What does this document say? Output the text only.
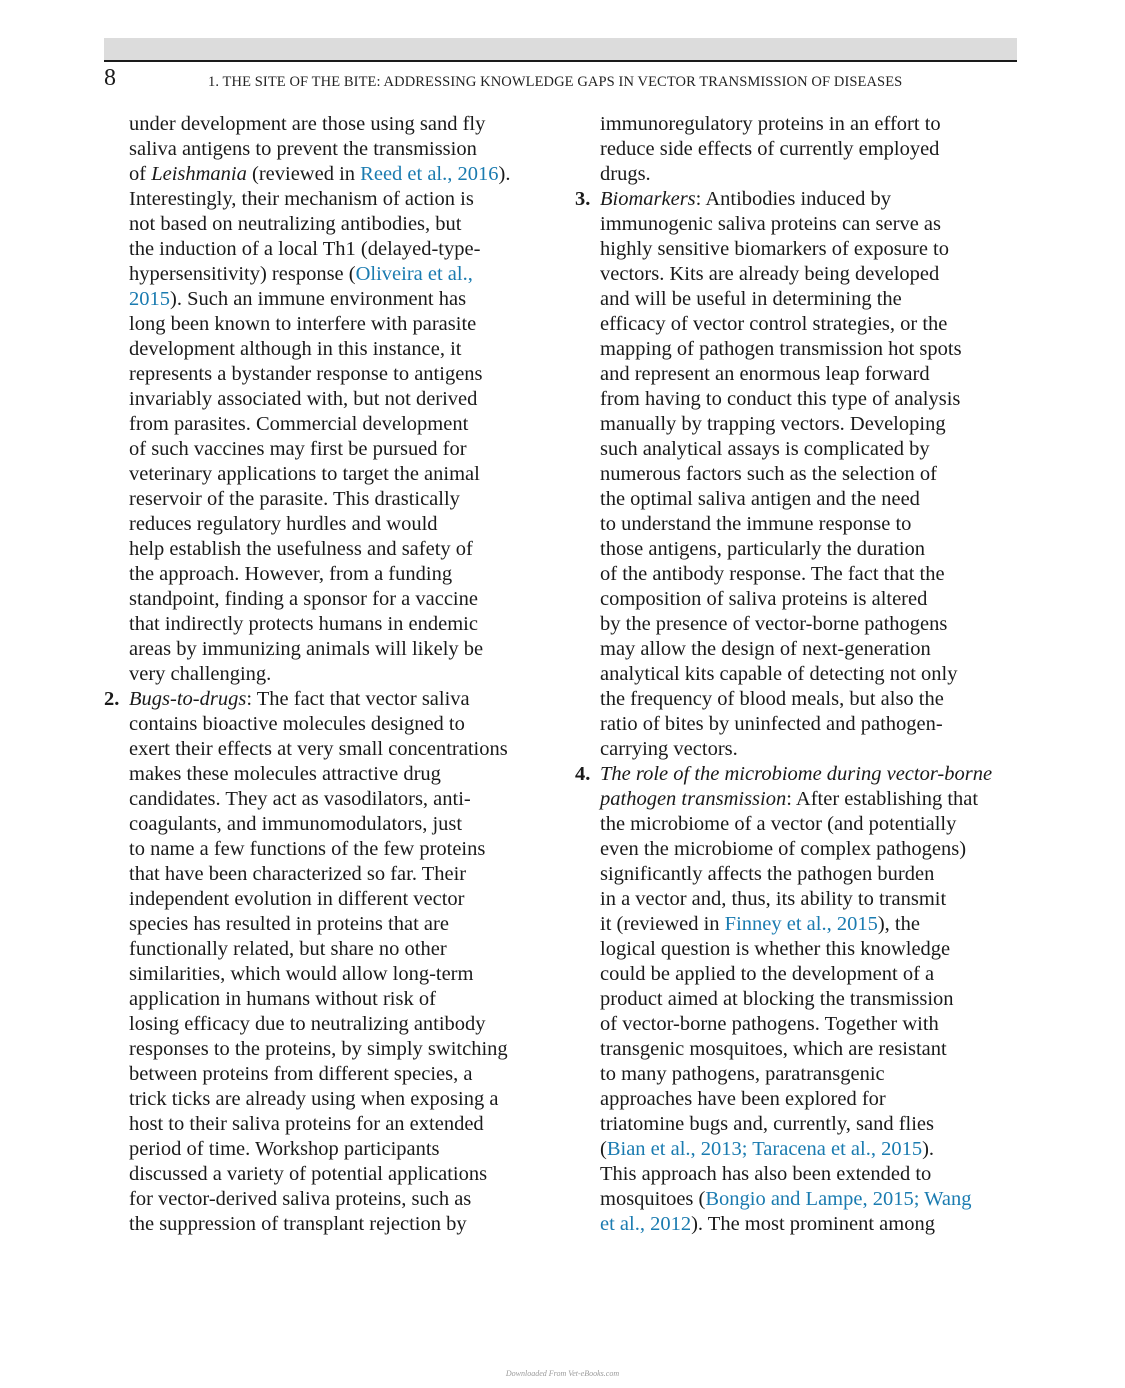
8	1. THE SITE OF THE BITE: ADDRESSING KNOWLEDGE GAPS IN VECTOR TRANSMISSION OF DISEASES
under development are those using sand fly
saliva antigens to prevent the transmission
of Leishmania (reviewed in Reed et al., 2016).
Interestingly, their mechanism of action is
not based on neutralizing antibodies, but
the induction of a local Th1 (delayed-type-
hypersensitivity) response (Oliveira et al.,
2015). Such an immune environment has
long been known to interfere with parasite
development although in this instance, it
represents a bystander response to antigens
invariably associated with, but not derived
from parasites. Commercial development
of such vaccines may first be pursued for
veterinary applications to target the animal
reservoir of the parasite. This drastically
reduces regulatory hurdles and would
help establish the usefulness and safety of
the approach. However, from a funding
standpoint, finding a sponsor for a vaccine
that indirectly protects humans in endemic
areas by immunizing animals will likely be
very challenging.
2. Bugs-to-drugs: The fact that vector saliva
contains bioactive molecules designed to
exert their effects at very small concentrations
makes these molecules attractive drug
candidates. They act as vasodilators, anti-
coagulants, and immunomodulators, just
to name a few functions of the few proteins
that have been characterized so far. Their
independent evolution in different vector
species has resulted in proteins that are
functionally related, but share no other
similarities, which would allow long-term
application in humans without risk of
losing efficacy due to neutralizing antibody
responses to the proteins, by simply switching
between proteins from different species, a
trick ticks are already using when exposing a
host to their saliva proteins for an extended
period of time. Workshop participants
discussed a variety of potential applications
for vector-derived saliva proteins, such as
the suppression of transplant rejection by
immunoregulatory proteins in an effort to
reduce side effects of currently employed
drugs.
3. Biomarkers: Antibodies induced by
immunogenic saliva proteins can serve as
highly sensitive biomarkers of exposure to
vectors. Kits are already being developed
and will be useful in determining the
efficacy of vector control strategies, or the
mapping of pathogen transmission hot spots
and represent an enormous leap forward
from having to conduct this type of analysis
manually by trapping vectors. Developing
such analytical assays is complicated by
numerous factors such as the selection of
the optimal saliva antigen and the need
to understand the immune response to
those antigens, particularly the duration
of the antibody response. The fact that the
composition of saliva proteins is altered
by the presence of vector-borne pathogens
may allow the design of next-generation
analytical kits capable of detecting not only
the frequency of blood meals, but also the
ratio of bites by uninfected and pathogen-
carrying vectors.
4. The role of the microbiome during vector-borne
pathogen transmission: After establishing that
the microbiome of a vector (and potentially
even the microbiome of complex pathogens)
significantly affects the pathogen burden
in a vector and, thus, its ability to transmit
it (reviewed in Finney et al., 2015), the
logical question is whether this knowledge
could be applied to the development of a
product aimed at blocking the transmission
of vector-borne pathogens. Together with
transgenic mosquitoes, which are resistant
to many pathogens, paratransgenic
approaches have been explored for
triatomine bugs and, currently, sand flies
(Bian et al., 2013; Taracena et al., 2015).
This approach has also been extended to
mosquitoes (Bongio and Lampe, 2015; Wang
et al., 2012). The most prominent among
Downloaded From Vet-eBooks.com
